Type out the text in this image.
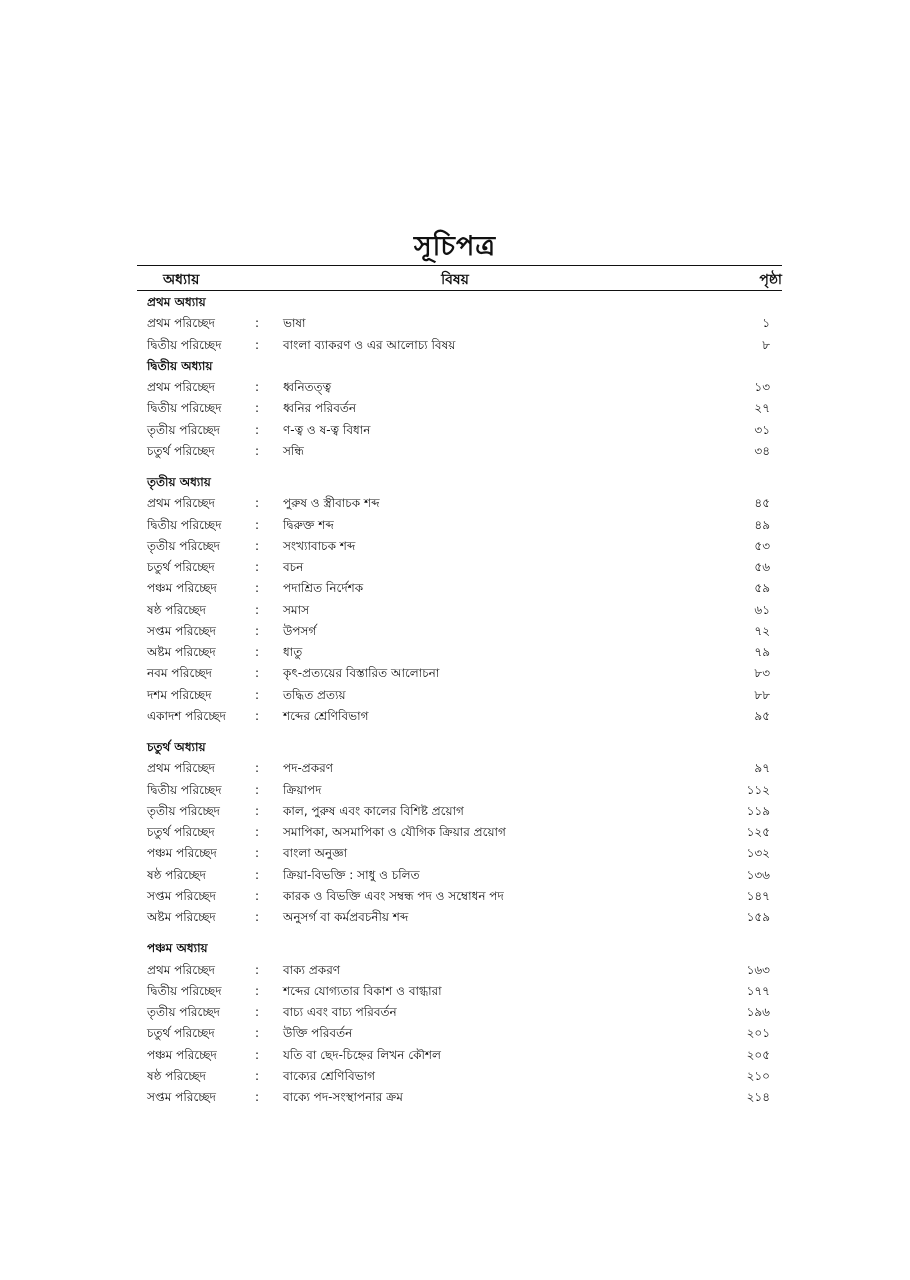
সূচিপত্র
অধ্যায়	বিষয়	পৃষ্ঠা
প্রথম অধ্যায়
প্রথম পরিচ্ছেদ	: ভাষা	১
দ্বিতীয় পরিচ্ছেদ	: বাংলা ব্যাকরণ ও এর আলোচ্য বিষয়	৮
দ্বিতীয় অধ্যায়
প্রথম পরিচ্ছেদ	: ধ্বনিতত্ত্ব	১৩
দ্বিতীয় পরিচ্ছেদ	: ধ্বনির পরিবর্তন	২৭
তৃতীয় পরিচ্ছেদ	: ণ-ত্ব ও ষ-ত্ব বিধান	৩১
চতুর্থ পরিচ্ছেদ	: সন্ধি	৩৪
তৃতীয় অধ্যায়
প্রথম পরিচ্ছেদ	: পুরুষ ও স্ত্রীবাচক শব্দ	৪৫
দ্বিতীয় পরিচ্ছেদ	: দ্বিরুক্ত শব্দ	৪৯
তৃতীয় পরিচ্ছেদ	: সংখ্যাবাচক শব্দ	৫৩
চতুর্থ পরিচ্ছেদ	: বচন	৫৬
পঞ্চম পরিচ্ছেদ	: পদাশ্রিত নির্দেশক	৫৯
ষষ্ঠ পরিচ্ছেদ	: সমাস	৬১
সপ্তম পরিচ্ছেদ	: উপসর্গ	৭২
অষ্টম পরিচ্ছেদ	: ধাতু	৭৯
নবম পরিচ্ছেদ	: কৃৎ-প্রত্যয়ের বিস্তারিত আলোচনা	৮৩
দশম পরিচ্ছেদ	: তদ্ধিত প্রত্যয়	৮৮
একাদশ পরিচ্ছেদ : শব্দের শ্রেণিবিভাগ	৯৫
চতুর্থ অধ্যায়
প্রথম পরিচ্ছেদ	: পদ-প্রকরণ	৯৭
দ্বিতীয় পরিচ্ছেদ	: ক্রিয়াপদ	১১২
তৃতীয় পরিচ্ছেদ	: কাল, পুরুষ এবং কালের বিশিষ্ট প্রয়োগ	১১৯
চতুর্থ পরিচ্ছেদ	: সমাপিকা, অসমাপিকা ও যৌগিক ক্রিয়ার প্রয়োগ	১২৫
পঞ্চম পরিচ্ছেদ	: বাংলা অনুজ্ঞা	১৩২
ষষ্ঠ পরিচ্ছেদ	: ক্রিয়া-বিভক্তি : সাধু ও চলিত	১৩৬
সপ্তম পরিচ্ছেদ	: কারক ও বিভক্তি এবং সম্বন্ধ পদ ও সম্বোধন পদ	১৪৭
অষ্টম পরিচ্ছেদ	: অনুসর্গ বা কর্মপ্রবচনীয় শব্দ	১৫৯
পঞ্চম অধ্যায়
প্রথম পরিচ্ছেদ	: বাক্য প্রকরণ	১৬৩
দ্বিতীয় পরিচ্ছেদ	: শব্দের যোগ্যতার বিকাশ ও বাগ্ধারা	১৭৭
তৃতীয় পরিচ্ছেদ	: বাচ্য এবং বাচ্য পরিবর্তন	১৯৬
চতুর্থ পরিচ্ছেদ	: উক্তি পরিবর্তন	২০১
পঞ্চম পরিচ্ছেদ	: যতি বা ছেদ-চিহ্নের লিখন কৌশল	২০৫
ষষ্ঠ পরিচ্ছেদ	: বাক্যের শ্রেণিবিভাগ	২১০
সপ্তম পরিচ্ছেদ	: বাক্যে পদ-সংস্থাপনার ক্রম	২১৪
